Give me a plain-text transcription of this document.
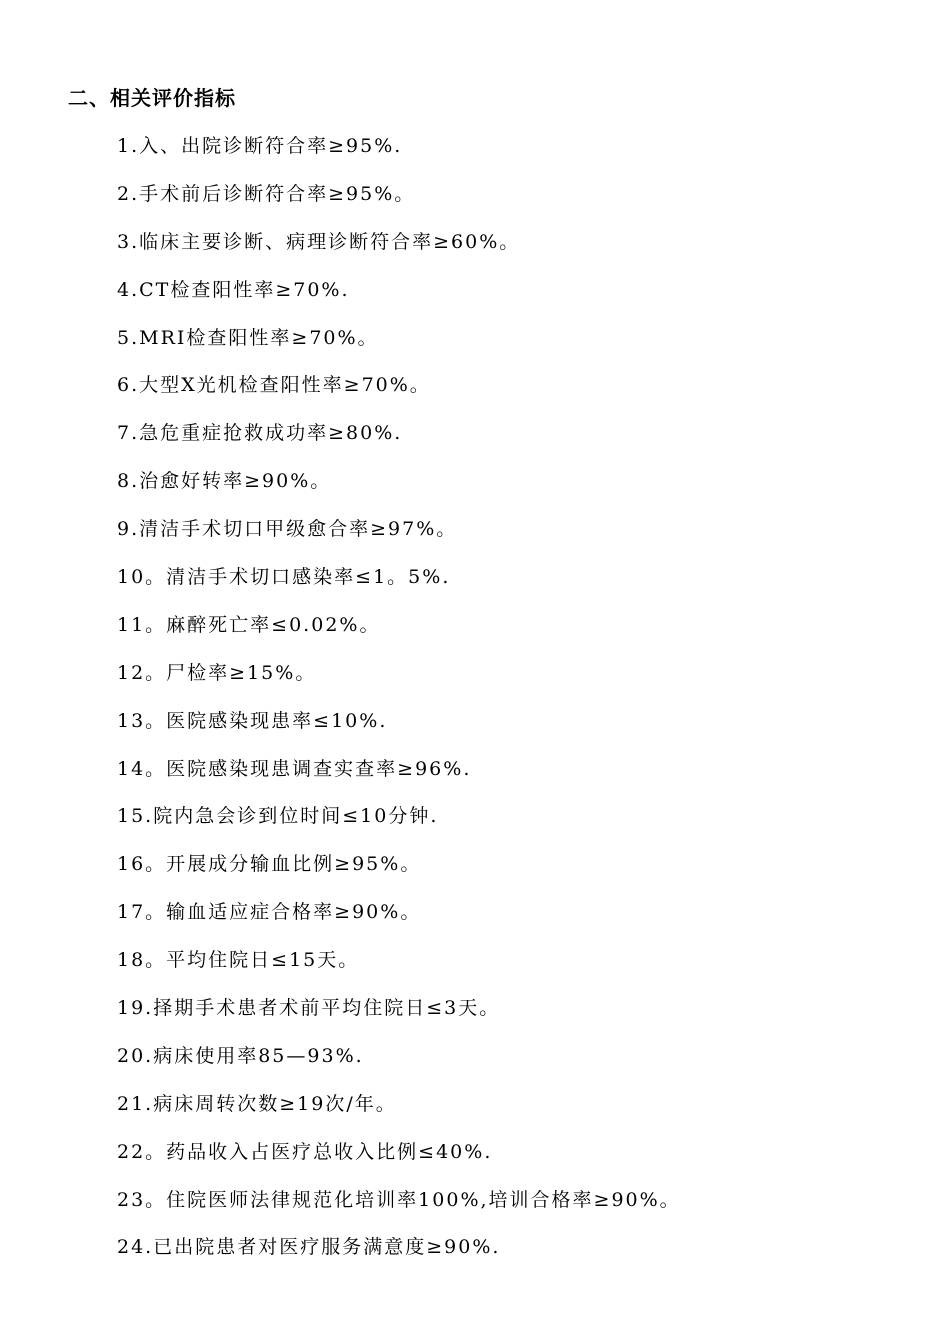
二、相关评价指标
1.入、出院诊断符合率≥95%.
2.手术前后诊断符合率≥95%。
3.临床主要诊断、病理诊断符合率≥60%。
4.CT检查阳性率≥70%.
5.MRI检查阳性率≥70%。
6.大型X光机检查阳性率≥70%。
7.急危重症抢救成功率≥80%.
8.治愈好转率≥90%。
9.清洁手术切口甲级愈合率≥97%。
10。清洁手术切口感染率≤1。5%.
11。麻醉死亡率≤0.02%。
12。尸检率≥15%。
13。医院感染现患率≤10%.
14。医院感染现患调查实查率≥96%.
15.院内急会诊到位时间≤10分钟.
16。开展成分输血比例≥95%。
17。输血适应症合格率≥90%。
18。平均住院日≤15天。
19.择期手术患者术前平均住院日≤3天。
20.病床使用率85—93%.
21.病床周转次数≥19次/年。
22。药品收入占医疗总收入比例≤40%.
23。住院医师法律规范化培训率100%,培训合格率≥90%。
24.已出院患者对医疗服务满意度≥90%.
